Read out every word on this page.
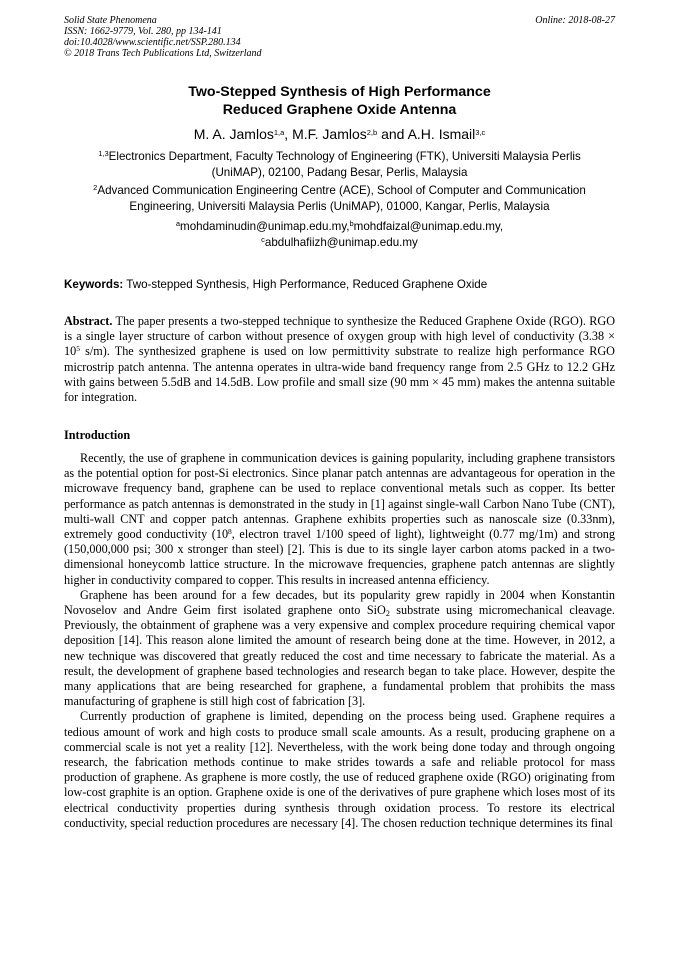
Solid State Phenomena
ISSN: 1662-9779, Vol. 280, pp 134-141
doi:10.4028/www.scientific.net/SSP.280.134
© 2018 Trans Tech Publications Ltd, Switzerland
Online: 2018-08-27
Two-Stepped Synthesis of High Performance
Reduced Graphene Oxide Antenna
M. A. Jamlos$^{1,a}$, M.F. Jamlos$^{2,b}$ and A.H. Ismail$^{3,c}$
$^{1,3}$Electronics Department, Faculty Technology of Engineering (FTK), Universiti Malaysia Perlis
(UniMAP), 02100, Padang Besar, Perlis, Malaysia
$^2$Advanced Communication Engineering Centre (ACE), School of Computer and Communication
Engineering, Universiti Malaysia Perlis (UniMAP), 01000, Kangar, Perlis, Malaysia
$^a$mohdaminudin@unimap.edu.my,$^b$mohdfaizal@unimap.edu.my,
$^c$abdulhafiizh@unimap.edu.my
Keywords: Two-stepped Synthesis, High Performance, Reduced Graphene Oxide
Abstract. The paper presents a two-stepped technique to synthesize the Reduced Graphene Oxide (RGO). RGO is a single layer structure of carbon without presence of oxygen group with high level of conductivity ($3.38 \times 10^5$ s/m). The synthesized graphene is used on low permittivity substrate to realize high performance RGO microstrip patch antenna. The antenna operates in ultra-wide band frequency range from 2.5 GHz to 12.2 GHz with gains between 5.5dB and 14.5dB. Low profile and small size (90 mm × 45 mm) makes the antenna suitable for integration.
Introduction

Recently, the use of graphene in communication devices is gaining popularity, including graphene transistors as the potential option for post-Si electronics. Since planar patch antennas are advantageous for operation in the microwave frequency band, graphene can be used to replace conventional metals such as copper. Its better performance as patch antennas is demonstrated in the study in [1] against single-wall Carbon Nano Tube (CNT), multi-wall CNT and copper patch antennas. Graphene exhibits properties such as nanoscale size (0.33nm), extremely good conductivity ($10^8$, electron travel 1/100 speed of light), lightweight (0.77 mg/1m) and strong (150,000,000 psi; 300 x stronger than steel) [2]. This is due to its single layer carbon atoms packed in a two-dimensional honeycomb lattice structure. In the microwave frequencies, graphene patch antennas are slightly higher in conductivity compared to copper. This results in increased antenna efficiency.

Graphene has been around for a few decades, but its popularity grew rapidly in 2004 when Konstantin Novoselov and Andre Geim first isolated graphene onto SiO$_2$ substrate using micromechanical cleavage. Previously, the obtainment of graphene was a very expensive and complex procedure requiring chemical vapor deposition [14]. This reason alone limited the amount of research being done at the time. However, in 2012, a new technique was discovered that greatly reduced the cost and time necessary to fabricate the material. As a result, the development of graphene based technologies and research began to take place. However, despite the many applications that are being researched for graphene, a fundamental problem that prohibits the mass manufacturing of graphene is still high cost of fabrication [3].

Currently production of graphene is limited, depending on the process being used. Graphene requires a tedious amount of work and high costs to produce small scale amounts. As a result, producing graphene on a commercial scale is not yet a reality [12]. Nevertheless, with the work being done today and through ongoing research, the fabrication methods continue to make strides towards a safe and reliable protocol for mass production of graphene. As graphene is more costly, the use of reduced graphene oxide (RGO) originating from low-cost graphite is an option. Graphene oxide is one of the derivatives of pure graphene which loses most of its electrical conductivity properties during synthesis through oxidation process. To restore its electrical conductivity, special reduction procedures are necessary [4]. The chosen reduction technique determines its final
